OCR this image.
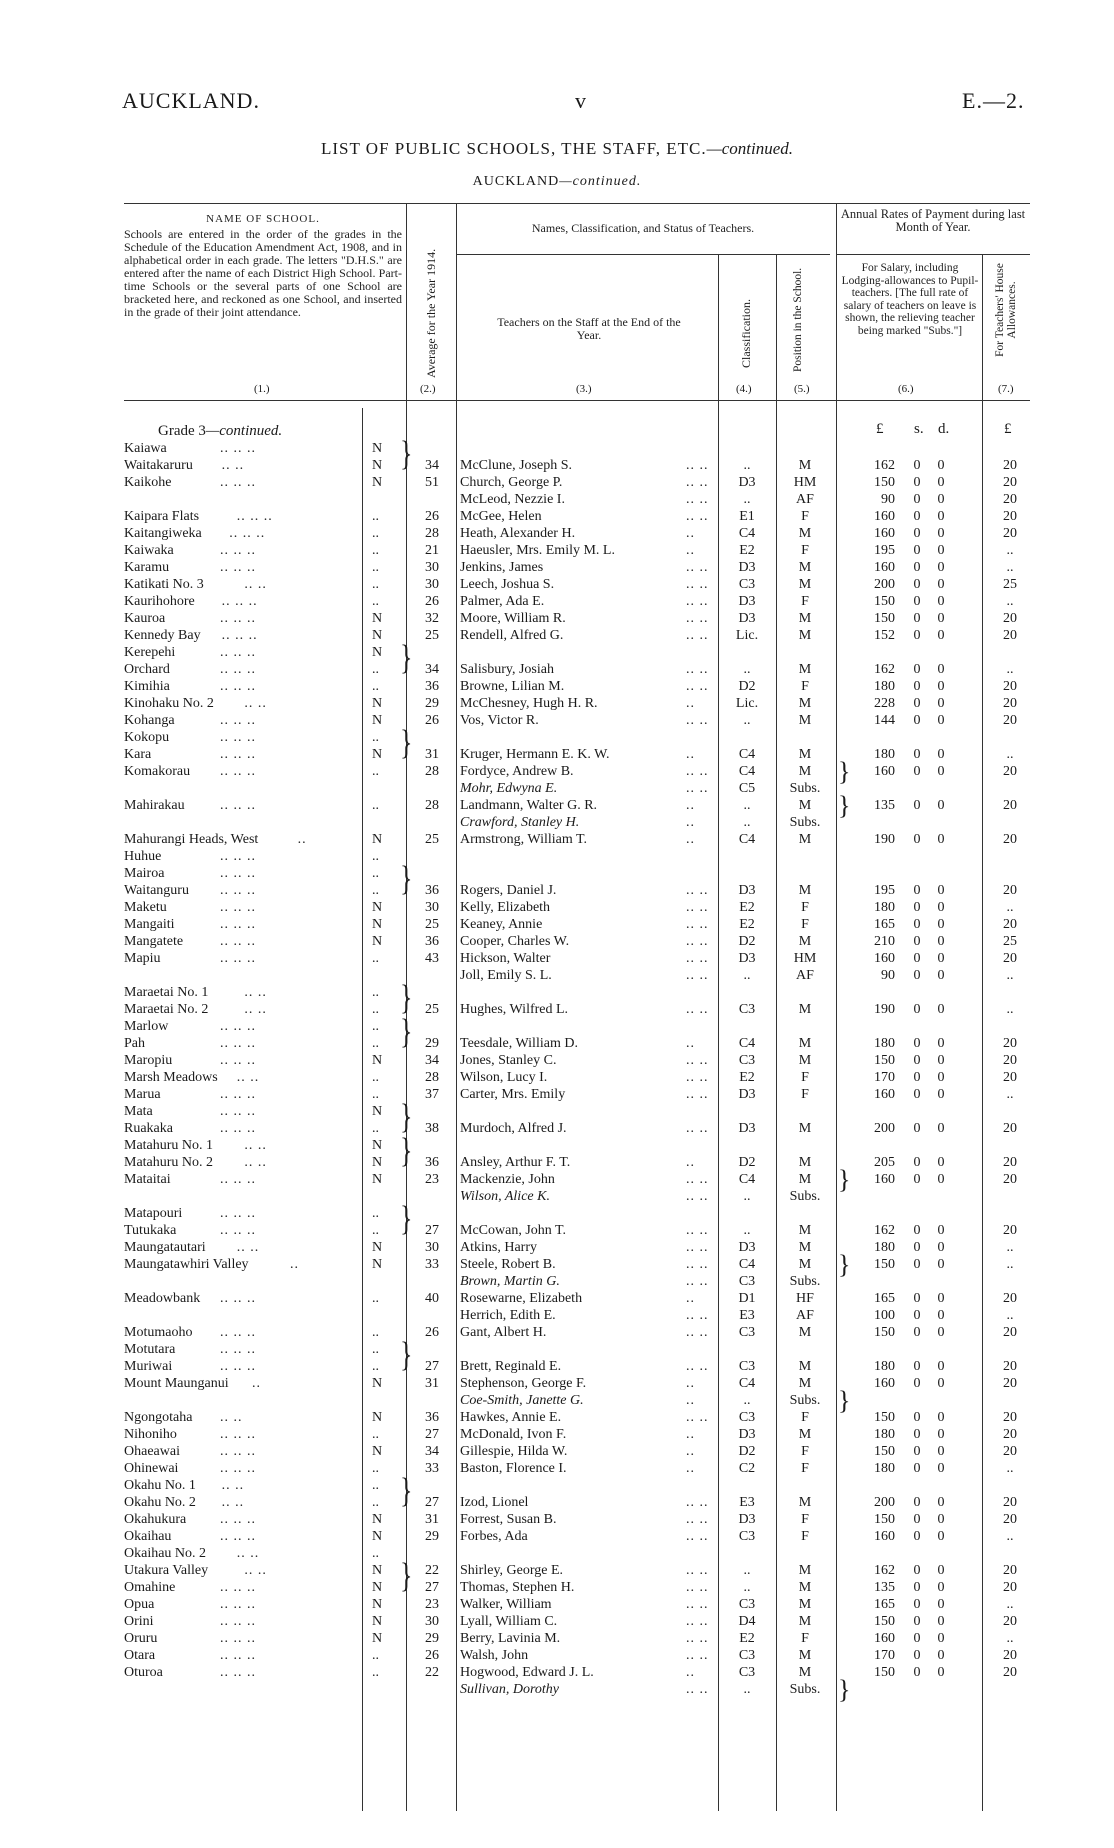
AUCKLAND.	v	E.—2.
LIST OF PUBLIC SCHOOLS, THE STAFF, ETC.—continued.
AUCKLAND—continued.
NAME OF SCHOOL.
Schools are entered in the order of the grades in the Schedule of the Education Amendment Act, 1908, and in alphabetical order in each grade. The letters "D.H.S." are entered after the name of each District High School. Part-time Schools or the several parts of one School are bracketed here, and reckoned as one School, and inserted in the grade of their joint attendance.
(1.)
Average for the Year 1914.
(2.)
Names, Classification, and Status of Teachers.
Teachers on the Staff at the End of the Year.
(3.)
Classification.
(4.)
Position in the School.
(5.)
Annual Rates of Payment during last Month of Year.
For Salary, including Lodging-allowances to Pupil-teachers. [The full rate of salary of teachers on leave is shown, the relieving teacher being marked "Subs."]
(6.)
For Teachers' House Allowances.
(7.)
Grade 3—continued.	£ s. d.	£
}
}
}
}
}
}
}
}
}
}
}
}
}
}
}
}
}
}
Kaiawa	.. .. ..	N
Waitakaruru .. ..	N	34	McClune, Joseph S.	.. ..	..	M	162 0 0	20
Kaikohe	.. .. ..	N	51	Church, George P.	.. ..	D3	HM	150 0 0	20
McLeod, Nezzie I.	.. ..	..	AF	90 0 0	20
Kaipara Flats	.. .. ..	..	26	McGee, Helen	.. ..	E1	F	160 0 0	20
Kaitangiweka .. .. ..	..	28	Heath, Alexander H.	..	C4	M	160 0 0	20
Kaiwaka	.. .. ..	..	21	Haeusler, Mrs. Emily M. L.	..	E2	F	195 0 0	..
Karamu	.. .. ..	..	30	Jenkins, James	.. ..	D3	M	160 0 0	..
Katikati No. 3	.. ..	..	30	Leech, Joshua S.	.. ..	C3	M	200 0 0	25
Kaurihohore .. .. ..	..	26	Palmer, Ada E.	.. ..	D3	F	150 0 0	..
Kauroa	.. .. ..	N	32	Moore, William R.	.. ..	D3	M	150 0 0	20
Kennedy Bay .. .. ..	N	25	Rendell, Alfred G.	.. ..	Lic.	M	152 0 0	20
Kerepehi	.. .. ..	N
Orchard	.. .. ..	..	34	Salisbury, Josiah	.. ..	..	M	162 0 0	..
Kimihia	.. .. ..	..	36	Browne, Lilian M.	.. ..	D2	F	180 0 0	20
Kinohaku No. 2 .. ..	N	29	McChesney, Hugh H. R.	..	Lic.	M	228 0 0	20
Kohanga	.. .. ..	N	26	Vos, Victor R.	.. ..	..	M	144 0 0	20
Kokopu	.. .. ..	..
Kara	.. .. ..	N	31	Kruger, Hermann E. K. W.	..	C4	M	180 0 0	..
Komakorau .. .. ..	..	28	Fordyce, Andrew B.	.. ..	C4	M	160 0 0	20
Mohr, Edwyna E.	.. ..	C5	Subs.
Mahirakau	.. .. ..	..	28	Landmann, Walter G. R.	..	..	M	135 0 0	20
Crawford, Stanley H.	..	..	Subs.
Mahurangi Heads, West	..	N	25	Armstrong, William T.	..	C4	M	190 0 0	20
Huhue	.. .. ..	..
Mairoa	.. .. ..	..
Waitanguru .. .. ..	..	36	Rogers, Daniel J.	.. ..	D3	M	195 0 0	20
Maketu	.. .. ..	N	30	Kelly, Elizabeth	.. ..	E2	F	180 0 0	..
Mangaiti	.. .. ..	N	25	Keaney, Annie	.. ..	E2	F	165 0 0	20
Mangatete	.. .. ..	N	36	Cooper, Charles W.	.. ..	D2	M	210 0 0	25
Mapiu	.. .. ..	..	43	Hickson, Walter	.. ..	D3	HM	160 0 0	20
Joll, Emily S. L.	.. ..	..	AF	90 0 0	..
Maraetai No. 1	.. ..	..
Maraetai No. 2	.. ..	..	25	Hughes, Wilfred L.	.. ..	C3	M	190 0 0	..
Marlow	.. .. ..	..
Pah	.. .. ..	..	29	Teesdale, William D.	..	C4	M	180 0 0	20
Maropiu	.. .. ..	N	34	Jones, Stanley C.	.. ..	C3	M	150 0 0	20
Marsh Meadows .. ..	..	28	Wilson, Lucy I.	.. ..	E2	F	170 0 0	20
Marua	.. .. ..	..	37	Carter, Mrs. Emily	.. ..	D3	F	160 0 0	..
Mata	.. .. ..	N
Ruakaka	.. .. ..	..	38	Murdoch, Alfred J.	.. ..	D3	M	200 0 0	20
Matahuru No. 1 .. ..	N
Matahuru No. 2 .. ..	N	36	Ansley, Arthur F. T.	..	D2	M	205 0 0	20
Mataitai	.. .. ..	N	23	Mackenzie, John	.. ..	C4	M	160 0 0	20
Wilson, Alice K.	.. ..	..	Subs.
Matapouri	.. .. ..	..
Tutukaka	.. .. ..	..	27	McCowan, John T.	.. ..	..	M	162 0 0	20
Maungatautari .. ..	N	30	Atkins, Harry	.. ..	D3	M	180 0 0	..
Maungatawhiri Valley	..	N	33	Steele, Robert B.	.. ..	C4	M	150 0 0	..
Brown, Martin G.	.. ..	C3	Subs.
Meadowbank .. .. ..	..	40	Rosewarne, Elizabeth	..	D1	HF	165 0 0	20
Herrich, Edith E.	.. ..	E3	AF	100 0 0	..
Motumaoho .. .. ..	..	26	Gant, Albert H.	.. ..	C3	M	150 0 0	20
Motutara	.. .. ..	..
Muriwai	.. .. ..	..	27	Brett, Reginald E.	.. ..	C3	M	180 0 0	20
Mount Maunganui ..	N	31	Stephenson, George F.	..	C4	M	160 0 0	20
Coe-Smith, Janette G.	..	..	Subs.
Ngongotaha .. ..	N	36	Hawkes, Annie E.	.. ..	C3	F	150 0 0	20
Nihoniho	.. .. ..	..	27	McDonald, Ivon F.	..	D3	M	180 0 0	20
Ohaeawai	.. .. ..	N	34	Gillespie, Hilda W.	..	D2	F	150 0 0	20
Ohinewai	.. .. ..	..	33	Baston, Florence I.	..	C2	F	180 0 0	..
Okahu No. 1 .. ..	..
Okahu No. 2 .. ..	..	27	Izod, Lionel	.. ..	E3	M	200 0 0	20
Okahukura .. .. ..	N	31	Forrest, Susan B.	.. ..	D3	F	150 0 0	20
Okaihau	.. .. ..	N	29	Forbes, Ada	.. ..	C3	F	160 0 0	..
Okaihau No. 2 .. ..	..
Utakura Valley	.. ..	N	22	Shirley, George E.	.. ..	..	M	162 0 0	20
Omahine	.. .. ..	N	27	Thomas, Stephen H.	.. ..	..	M	135 0 0	20
Opua	.. .. ..	N	23	Walker, William	.. ..	C3	M	165 0 0	..
Orini	.. .. ..	N	30	Lyall, William C.	.. ..	D4	M	150 0 0	20
Oruru	.. .. ..	N	29	Berry, Lavinia M.	.. ..	E2	F	160 0 0	..
Otara	.. .. ..	..	26	Walsh, John	.. ..	C3	M	170 0 0	20
Oturoa	.. .. ..	..	22	Hogwood, Edward J. L.	..	C3	M	150 0 0	20
Sullivan, Dorothy	.. ..	..	Subs.
